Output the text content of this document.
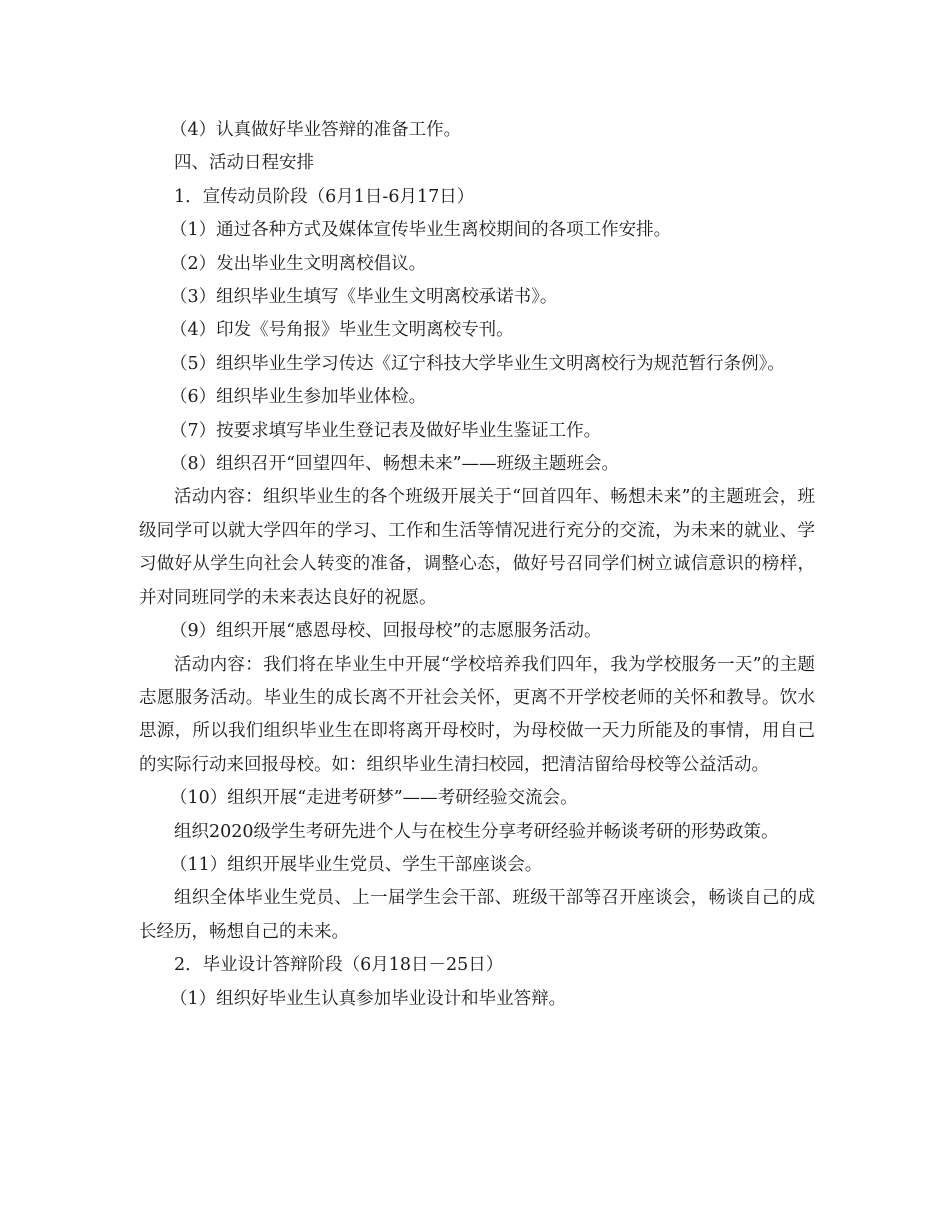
（4）认真做好毕业答辩的准备工作。

四、活动日程安排

1．宣传动员阶段（6月1日-6月17日）

（1）通过各种方式及媒体宣传毕业生离校期间的各项工作安排。

（2）发出毕业生文明离校倡议。

（3）组织毕业生填写《毕业生文明离校承诺书》。

（4）印发《号角报》毕业生文明离校专刊。

（5）组织毕业生学习传达《辽宁科技大学毕业生文明离校行为规范暂行条例》。

（6）组织毕业生参加毕业体检。

（7）按要求填写毕业生登记表及做好毕业生鉴证工作。

（8）组织召开“回望四年、畅想未来”——班级主题班会。

活动内容：组织毕业生的各个班级开展关于“回首四年、畅想未来”的主题班会，班级同学可以就大学四年的学习、工作和生活等情况进行充分的交流，为未来的就业、学习做好从学生向社会人转变的准备，调整心态，做好号召同学们树立诚信意识的榜样，并对同班同学的未来表达良好的祝愿。

（9）组织开展“感恩母校、回报母校”的志愿服务活动。

活动内容：我们将在毕业生中开展“学校培养我们四年，我为学校服务一天”的主题志愿服务活动。毕业生的成长离不开社会关怀，更离不开学校老师的关怀和教导。饮水思源，所以我们组织毕业生在即将离开母校时，为母校做一天力所能及的事情，用自己的实际行动来回报母校。如：组织毕业生清扫校园，把清洁留给母校等公益活动。

（10）组织开展“走进考研梦”——考研经验交流会。

组织2020级学生考研先进个人与在校生分享考研经验并畅谈考研的形势政策。

（11）组织开展毕业生党员、学生干部座谈会。

组织全体毕业生党员、上一届学生会干部、班级干部等召开座谈会，畅谈自己的成长经历，畅想自己的未来。

2．毕业设计答辩阶段（6月18日－25日）

（1）组织好毕业生认真参加毕业设计和毕业答辩。
